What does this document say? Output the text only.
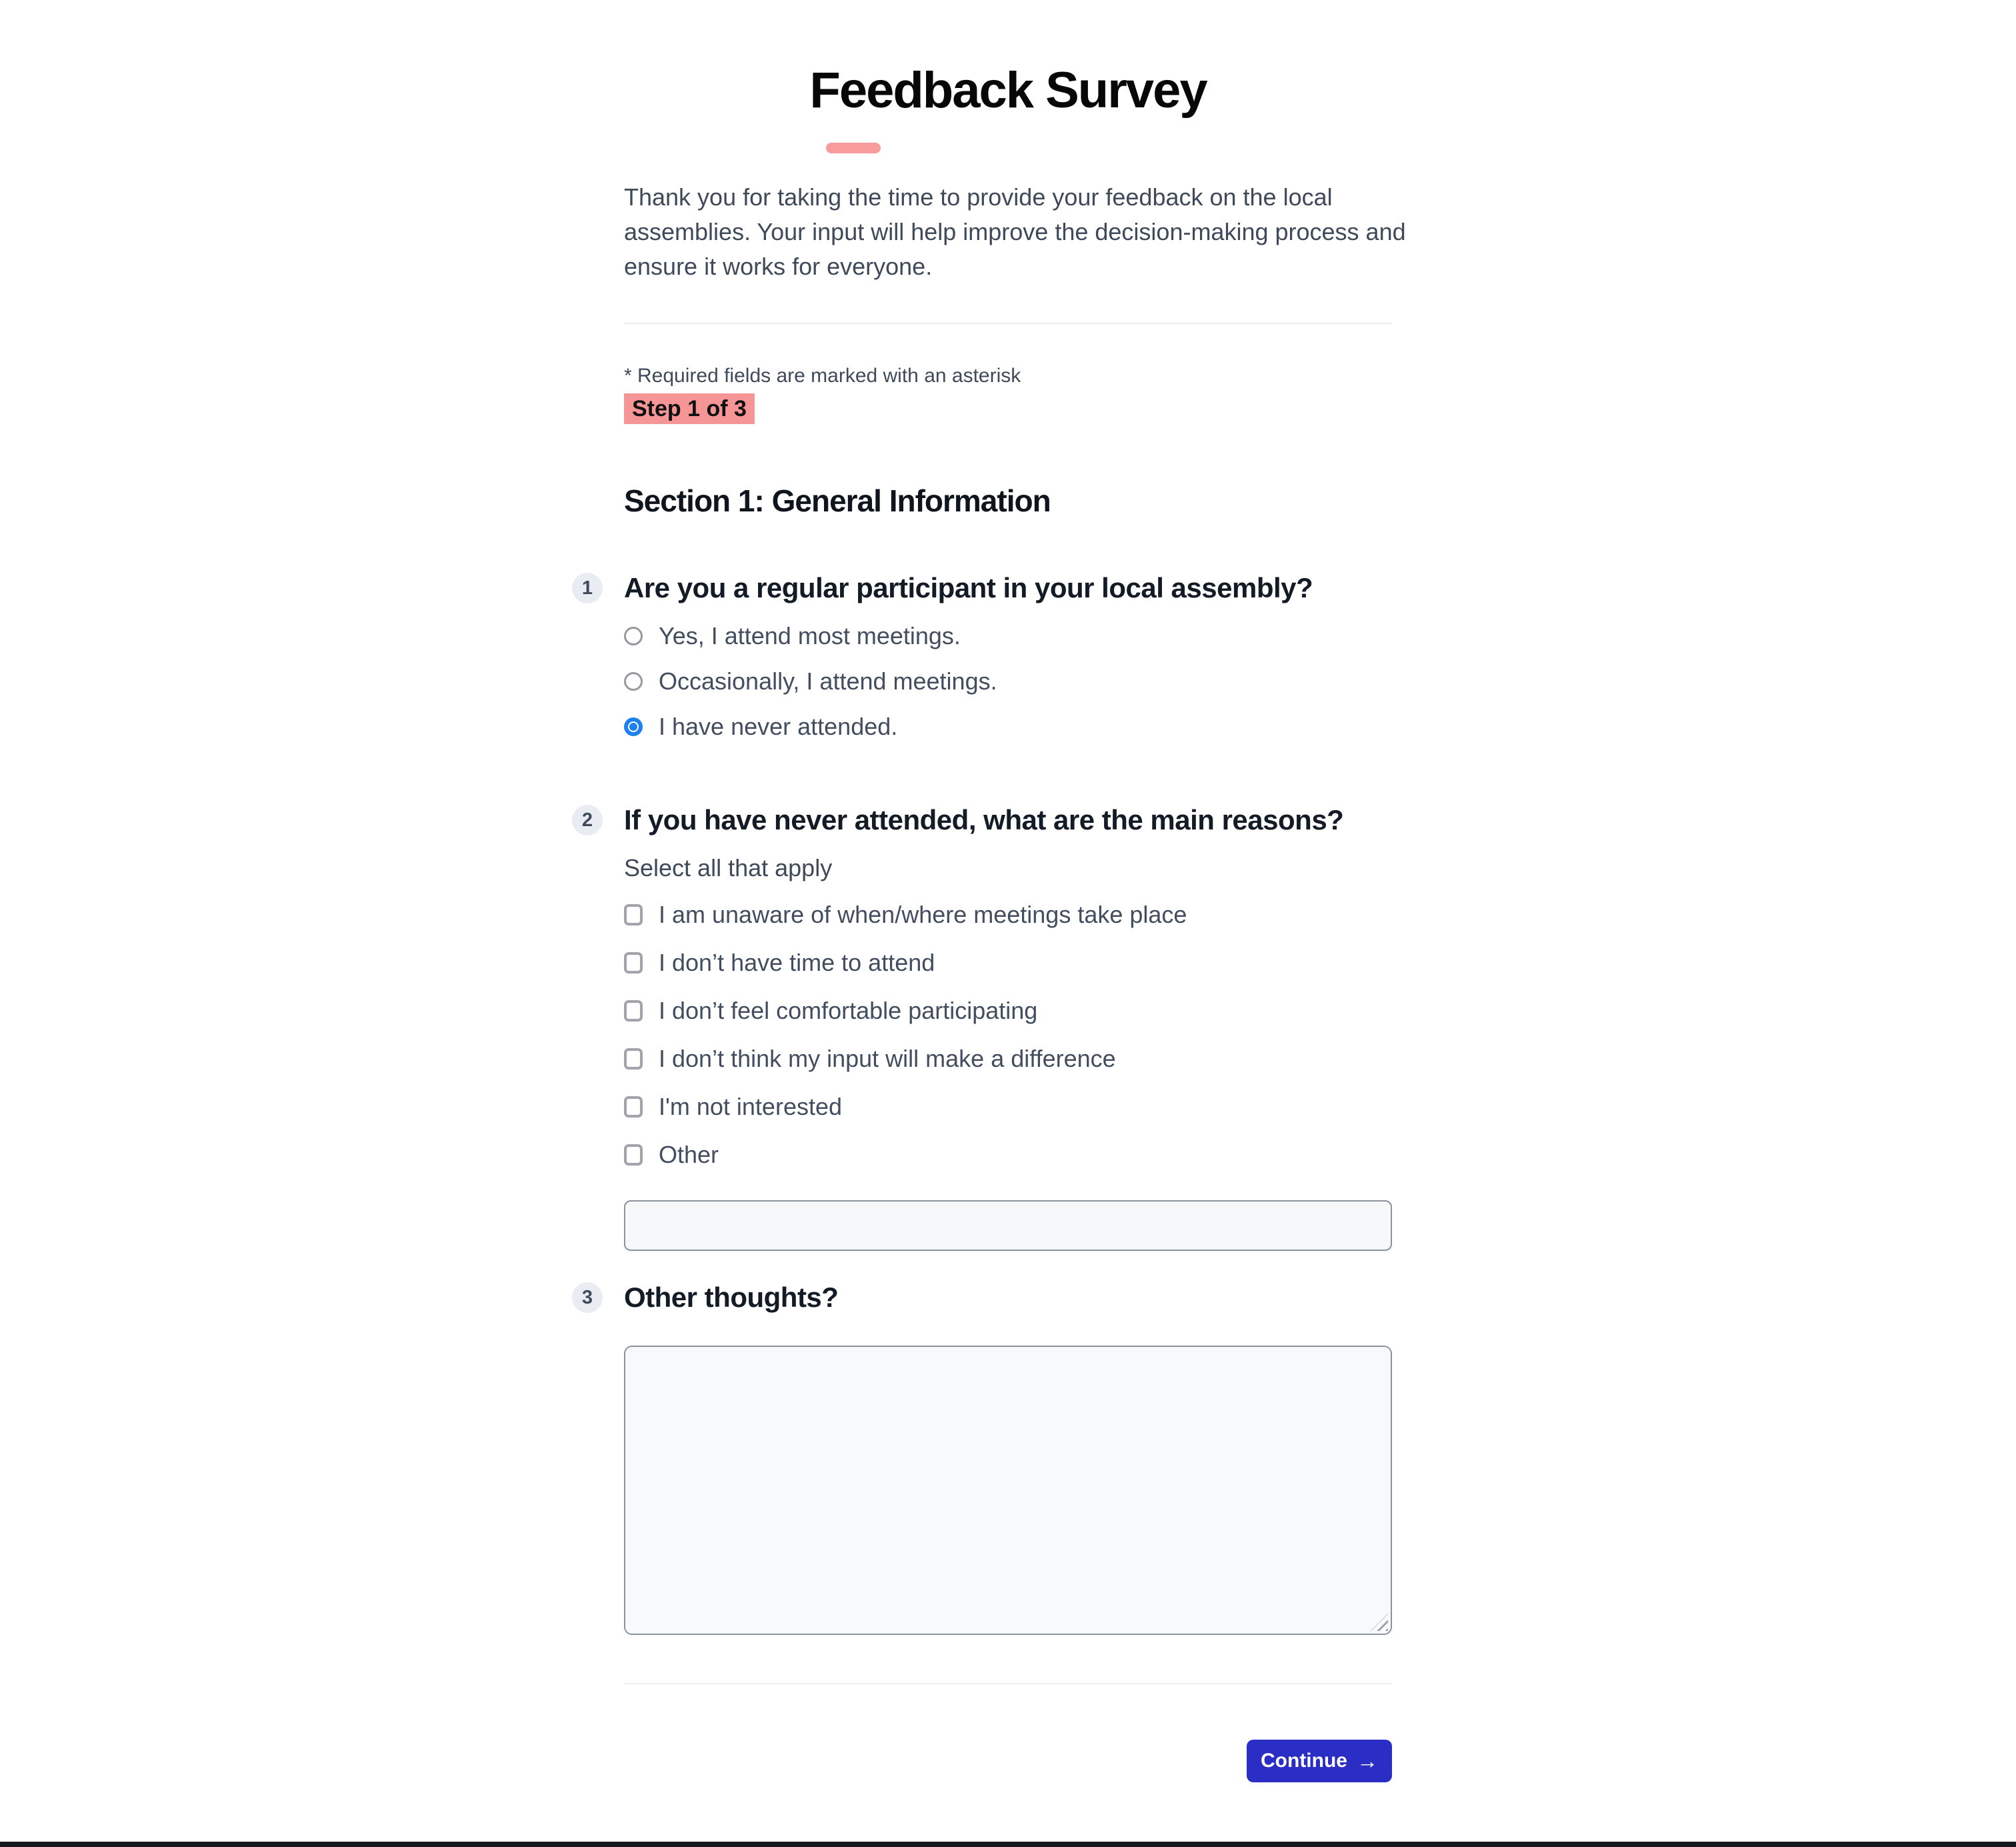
Feedback Survey

Thank you for taking the time to provide your feedback on the local assemblies. Your input will help improve the decision-making process and ensure it works for everyone.

* Required fields are marked with an asterisk
Step 1 of 3
Section 1: General Information
1	Are you a regular participant in your local assembly?
Yes, I attend most meetings.
Occasionally, I attend meetings.
I have never attended.
2	If you have never attended, what are the main reasons?
Select all that apply
I am unaware of when/where meetings take place
I don’t have time to attend
I don’t feel comfortable participating
I don’t think my input will make a difference
I'm not interested
Other
3	Other thoughts?
Continue →
